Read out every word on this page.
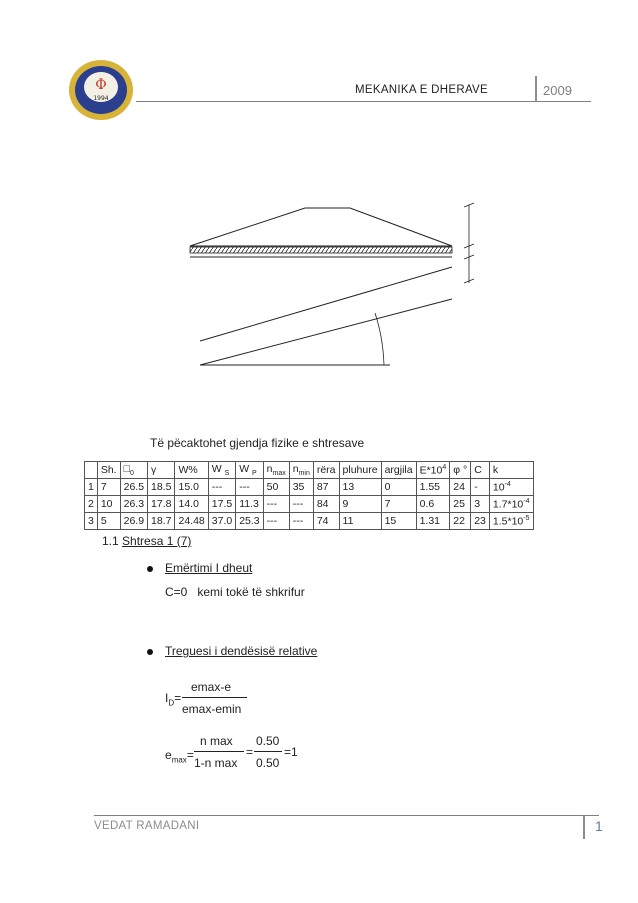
Φ
1994
MEKANIKA E DHERAVE	2009
Të pëcaktohet gjendja fizike e shtresave
	Sh.	$□_0$	γ	W%	W $_S$	W $_P$	$n_{max}$	$n_{min}$	rëra	pluhure	argjila	$E*10^4$	φ °	C	k
1	7	26.5	18.5	15.0	---	---	50	35	87	13	0	1.55	24	-	$10^{-4}$
2	10	26.3	17.8	14.0	17.5	11.3	---	---	84	9	7	0.6	25	3	$1.7*10^{-4}$
3	5	26.9	18.7	24.48	37.0	25.3	---	---	74	11	15	1.31	22	23	$1.5*10^{-5}$
1.1 Shtresa 1 (7)
Emërtimi I dheut
C=0   kemi tokë të shkrifur
Treguesi i dendësisë relative
$I_D=$
emax-e
emax-emin
$e_{max}=$
n max
1-n max
=
0.50
0.50
=1
VEDAT RAMADANI	1
